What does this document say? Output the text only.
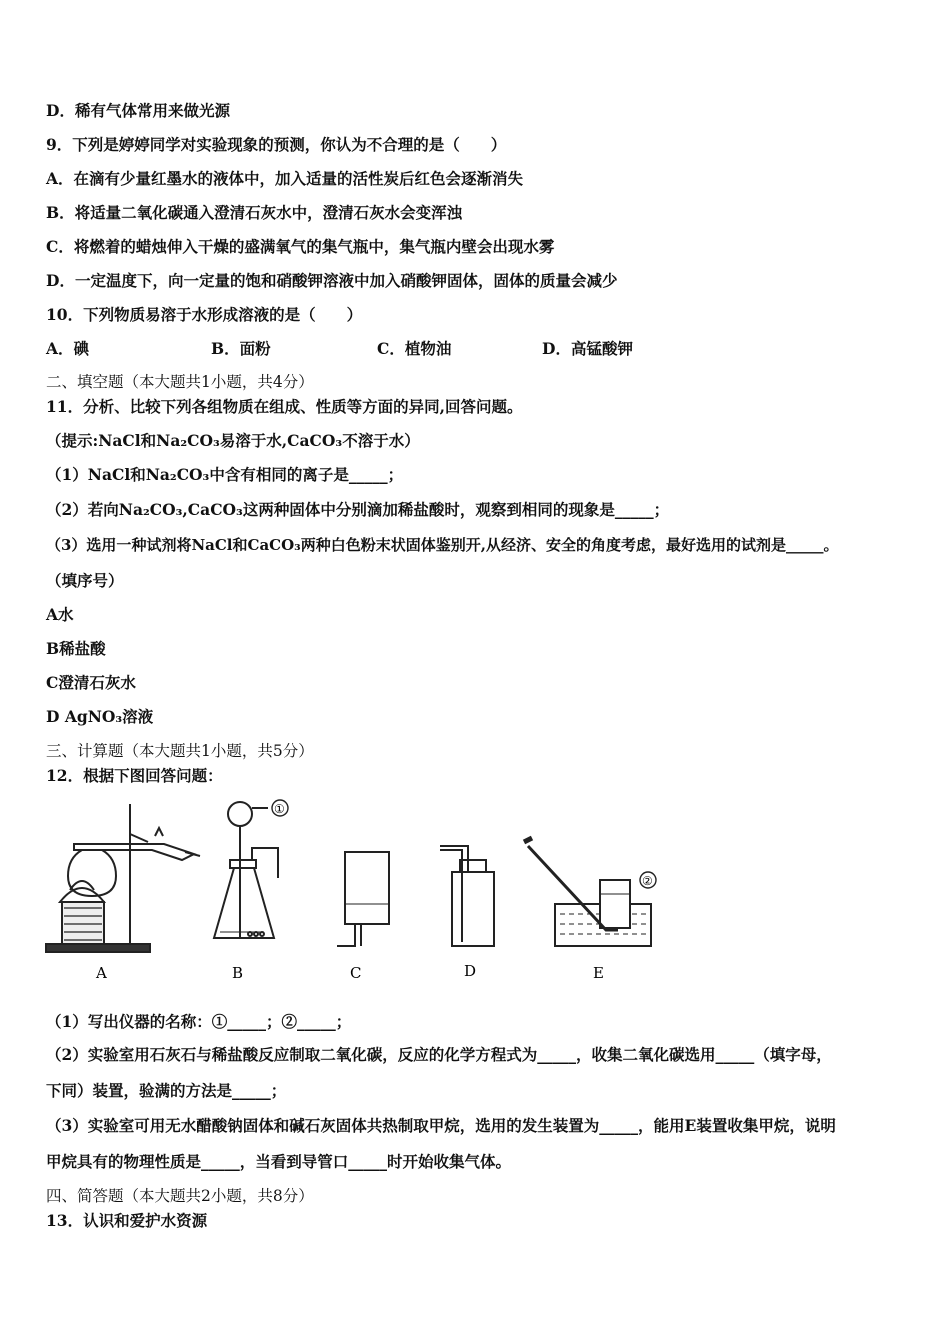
D．稀有气体常用来做光源
9．下列是婷婷同学对实验现象的预测，你认为不合理的是（　　）
A．在滴有少量红墨水的液体中，加入适量的活性炭后红色会逐渐消失
B．将适量二氧化碳通入澄清石灰水中，澄清石灰水会变浑浊
C．将燃着的蜡烛伸入干燥的盛满氧气的集气瓶中，集气瓶内壁会出现水雾
D．一定温度下，向一定量的饱和硝酸钾溶液中加入硝酸钾固体，固体的质量会减少
10．下列物质易溶于水形成溶液的是（　　）
A．碘	B．面粉	C．植物油	D．高锰酸钾
二、填空题（本大题共1小题，共4分）
11．分析、比较下列各组物质在组成、性质等方面的异同,回答问题。
（提示:NaCl和Na₂CO₃易溶于水,CaCO₃不溶于水）
（1）NaCl和Na₂CO₃中含有相同的离子是_____；
（2）若向Na₂CO₃,CaCO₃这两种固体中分别滴加稀盐酸时，观察到相同的现象是_____；
（3）选用一种试剂将NaCl和CaCO₃两种白色粉末状固体鉴别开,从经济、安全的角度考虑，最好选用的试剂是_____。
（填序号）
A水
B稀盐酸
C澄清石灰水
D AgNO₃溶液
三、计算题（本大题共1小题，共5分）
12．根据下图回答问题：
A	B	C	D	E
①
②
（1）写出仪器的名称：①_____；②_____；
（2）实验室用石灰石与稀盐酸反应制取二氧化碳，反应的化学方程式为_____，收集二氧化碳选用_____（填字母，
下同）装置，验满的方法是_____；
（3）实验室可用无水醋酸钠固体和碱石灰固体共热制取甲烷，选用的发生装置为_____，能用E装置收集甲烷，说明
甲烷具有的物理性质是_____，当看到导管口_____时开始收集气体。
四、简答题（本大题共2小题，共8分）
13．认识和爱护水资源
